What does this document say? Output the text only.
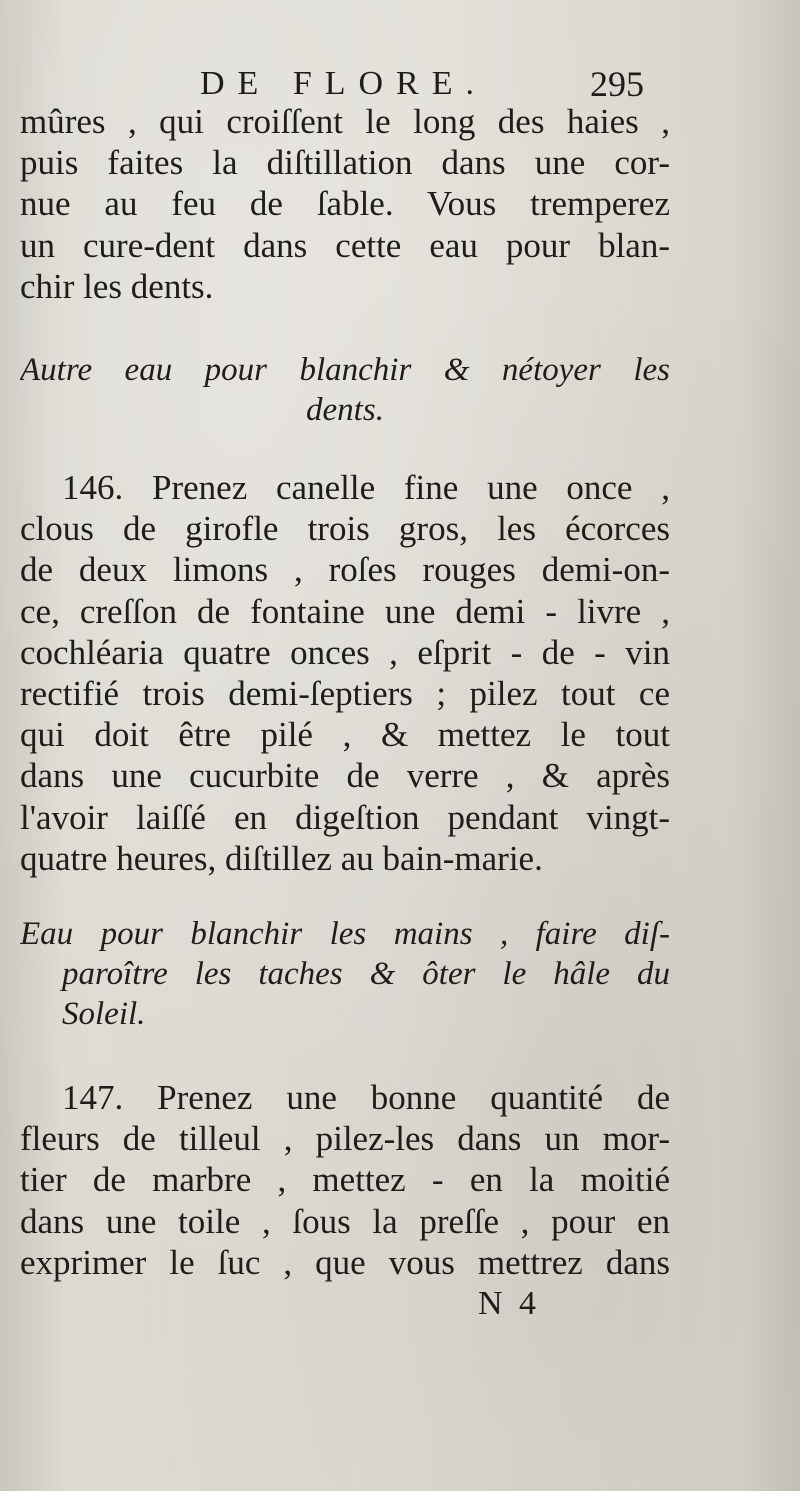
DE FLORE.	295
mûres , qui croiſſent le long des haies ,
puis faites la diſtillation dans une cor-
nue au feu de ſable. Vous tremperez
un cure-dent dans cette eau pour blan-
chir les dents.
Autre eau pour blanchir & nétoyer les
dents.
146. Prenez canelle fine une once ,
clous de girofle trois gros, les écorces
de deux limons , roſes rouges demi-on-
ce, creſſon de fontaine une demi - livre ,
cochléaria quatre onces , eſprit - de - vin
rectifié trois demi-ſeptiers ; pilez tout ce
qui doit être pilé , & mettez le tout
dans une cucurbite de verre , & après
l'avoir laiſſé en digeſtion pendant vingt-
quatre heures, diſtillez au bain-marie.
Eau pour blanchir les mains , faire diſ-
paroître les taches & ôter le hâle du
Soleil.
147. Prenez une bonne quantité de
fleurs de tilleul , pilez-les dans un mor-
tier de marbre , mettez - en la moitié
dans une toile , ſous la preſſe , pour en
exprimer le ſuc , que vous mettrez dans
N 4
